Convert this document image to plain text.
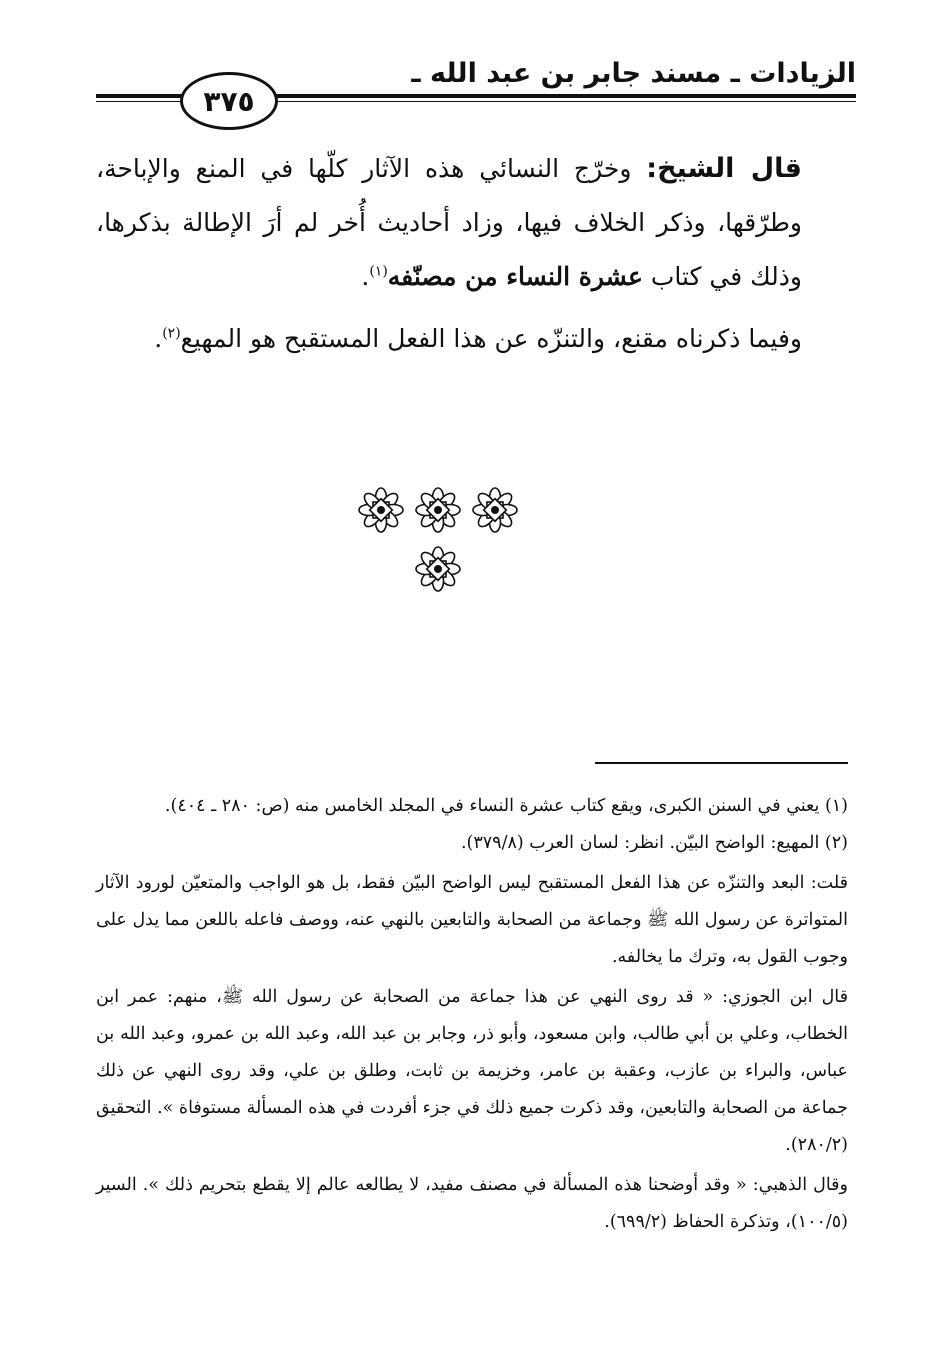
الزيادات ـ مسند جابر بن عبد الله ـ
٣٧٥

قال الشيخ: وخرّج النسائي هذه الآثار كلّها في المنع والإباحة، وطرّقها، وذكر الخلاف فيها، وزاد أحاديث أُخر لم أرَ الإطالة بذكرها، وذلك في كتاب عشرة النساء من مصنّفه$^{(١)}$.

وفيما ذكرناه مقنع، والتنزّه عن هذا الفعل المستقبح هو المهيع$^{(٢)}$.

(١) يعني في السنن الكبرى، ويقع كتاب عشرة النساء في المجلد الخامس منه (ص: ٢٨٠ ـ ٤٠٤).

(٢) المهيع: الواضح البيّن. انظر: لسان العرب (٣٧٩/٨).

قلت: البعد والتنزّه عن هذا الفعل المستقبح ليس الواضح البيّن فقط، بل هو الواجب والمتعيّن لورود الآثار المتواترة عن رسول الله ﷺ وجماعة من الصحابة والتابعين بالنهي عنه، ووصف فاعله باللعن مما يدل على وجوب القول به، وترك ما يخالفه.

قال ابن الجوزي: « قد روى النهي عن هذا جماعة من الصحابة عن رسول الله ﷺ، منهم: عمر ابن الخطاب، وعلي بن أبي طالب، وابن مسعود، وأبو ذر، وجابر بن عبد الله، وعبد الله بن عمرو، وعبد الله بن عباس، والبراء بن عازب، وعقبة بن عامر، وخزيمة بن ثابت، وطلق بن علي، وقد روى النهي عن ذلك جماعة من الصحابة والتابعين، وقد ذكرت جميع ذلك في جزء أفردت في هذه المسألة مستوفاة ». التحقيق (٢٨٠/٢).

وقال الذهبي: « وقد أوضحنا هذه المسألة في مصنف مفيد، لا يطالعه عالم إلا يقطع بتحريم ذلك ». السير (١٠٠/٥)، وتذكرة الحفاظ (٦٩٩/٢).
